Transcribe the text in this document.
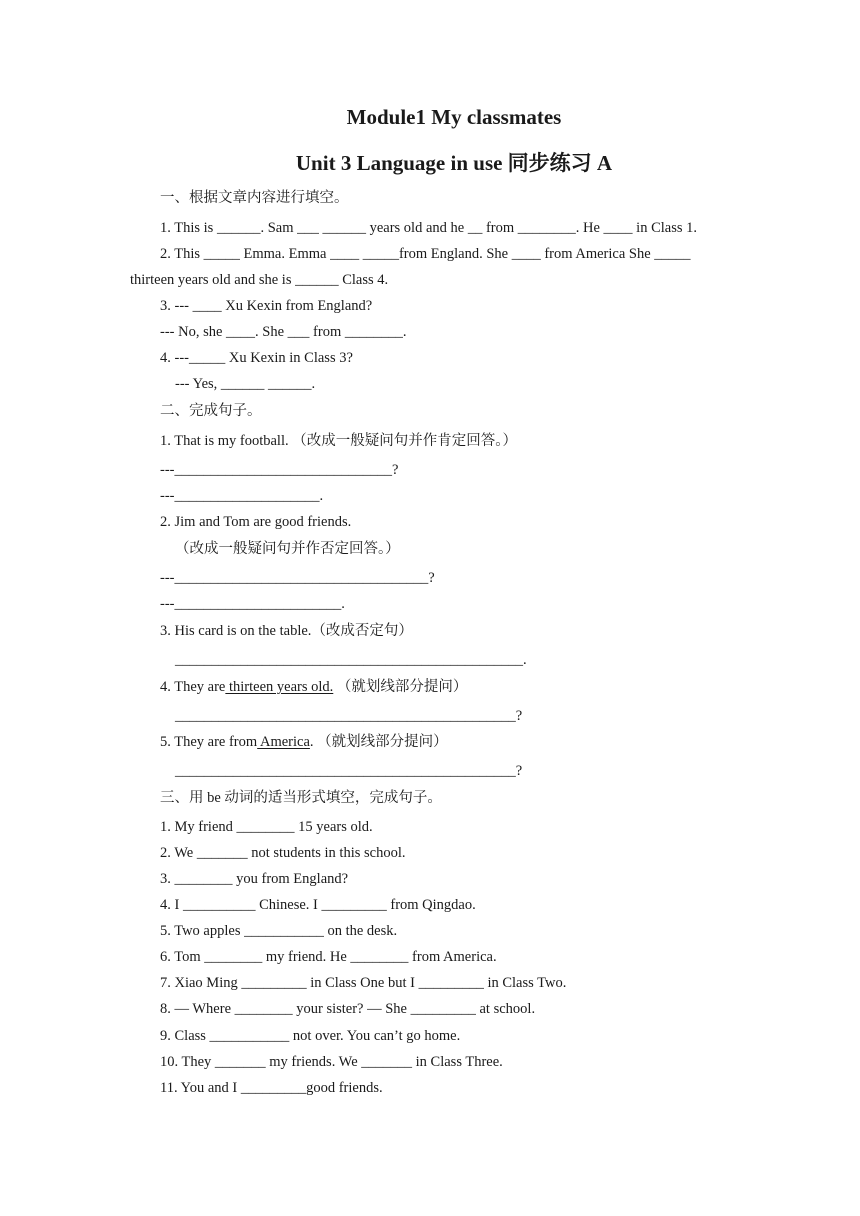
Module1 My classmates
Unit 3 Language in use 同步练习 A
一、根据文章内容进行填空。
1. This is ______. Sam ___ ______ years old and he __ from ________. He ____ in Class 1.
2. This _____ Emma. Emma ____ _____from England. She ____ from America She _____
thirteen years old and she is ______ Class 4.
3. --- ____ Xu Kexin from England?
--- No, she ____. She ___ from ________.
4. ---_____ Xu Kexin in Class 3?
--- Yes, ______ ______.
二、完成句子。
1. That is my football. （改成一般疑问句并作肯定回答。）
---______________________________?
---____________________.
2. Jim and Tom are good friends.
（改成一般疑问句并作否定回答。）
---___________________________________?
---_______________________.
3. His card is on the table.（改成否定句）
________________________________________________.
4. They are thirteen years old. （就划线部分提问）
_______________________________________________?
5. They are from America. （就划线部分提问）
_______________________________________________?
三、用 be 动词的适当形式填空，完成句子。
1. My friend ________ 15 years old.
2. We _______ not students in this school.
3. ________ you from England?
4. I __________ Chinese. I _________ from Qingdao.
5. Two apples ___________ on the desk.
6. Tom ________ my friend. He ________ from America.
7. Xiao Ming _________ in Class One but I _________ in Class Two.
8. — Where ________ your sister? — She _________ at school.
9. Class ___________ not over. You can’t go home.
10. They _______ my friends. We _______ in Class Three.
11. You and I _________good friends.
